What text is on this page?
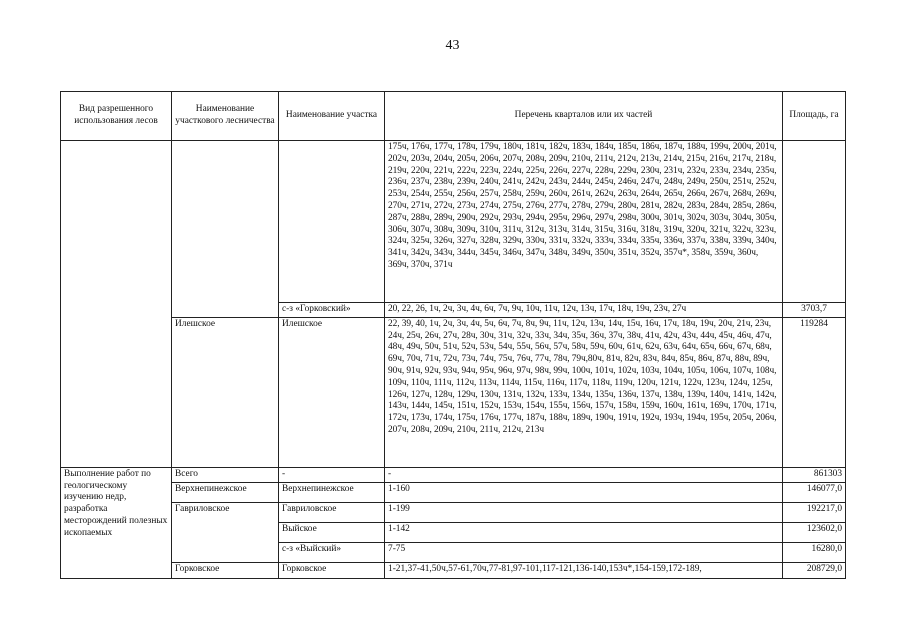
43
Вид разрешенного использования лесов	Наименование участкового лесничества	Наименование участка	Перечень кварталов или их частей	Площадь, га
			175ч, 176ч, 177ч, 178ч, 179ч, 180ч, 181ч, 182ч, 183ч, 184ч, 185ч, 186ч, 187ч, 188ч, 199ч, 200ч, 201ч, 202ч, 203ч, 204ч, 205ч, 206ч, 207ч, 208ч, 209ч, 210ч, 211ч, 212ч, 213ч, 214ч, 215ч, 216ч, 217ч, 218ч, 219ч, 220ч, 221ч, 222ч, 223ч, 224ч, 225ч, 226ч, 227ч, 228ч, 229ч, 230ч, 231ч, 232ч, 233ч, 234ч, 235ч, 236ч, 237ч, 238ч, 239ч, 240ч, 241ч, 242ч, 243ч, 244ч, 245ч, 246ч, 247ч, 248ч, 249ч, 250ч, 251ч, 252ч, 253ч, 254ч, 255ч, 256ч, 257ч, 258ч, 259ч, 260ч, 261ч, 262ч, 263ч, 264ч, 265ч, 266ч, 267ч, 268ч, 269ч, 270ч, 271ч, 272ч, 273ч, 274ч, 275ч, 276ч, 277ч, 278ч, 279ч, 280ч, 281ч, 282ч, 283ч, 284ч, 285ч, 286ч, 287ч, 288ч, 289ч, 290ч, 292ч, 293ч, 294ч, 295ч, 296ч, 297ч, 298ч, 300ч, 301ч, 302ч, 303ч, 304ч, 305ч, 306ч, 307ч, 308ч, 309ч, 310ч, 311ч, 312ч, 313ч, 314ч, 315ч, 316ч, 318ч, 319ч, 320ч, 321ч, 322ч, 323ч, 324ч, 325ч, 326ч, 327ч, 328ч, 329ч, 330ч, 331ч, 332ч, 333ч, 334ч, 335ч, 336ч, 337ч, 338ч, 339ч, 340ч, 341ч, 342ч, 343ч, 344ч, 345ч, 346ч, 347ч, 348ч, 349ч, 350ч, 351ч, 352ч, 357ч*, 358ч, 359ч, 360ч, 369ч, 370ч, 371ч	
		с-з «Горковский»	20, 22, 26, 1ч, 2ч, 3ч, 4ч, 6ч, 7ч, 9ч, 10ч, 11ч, 12ч, 13ч, 17ч, 18ч, 19ч, 23ч, 27ч	3703,7
	Илешское	Илешское	22, 39, 40, 1ч, 2ч, 3ч, 4ч, 5ч, 6ч, 7ч, 8ч, 9ч, 11ч, 12ч, 13ч, 14ч, 15ч, 16ч, 17ч, 18ч, 19ч, 20ч, 21ч, 23ч, 24ч, 25ч, 26ч, 27ч, 28ч, 30ч, 31ч, 32ч, 33ч, 34ч, 35ч, 36ч, 37ч, 38ч, 41ч, 42ч, 43ч, 44ч, 45ч, 46ч, 47ч, 48ч, 49ч, 50ч, 51ч, 52ч, 53ч, 54ч, 55ч, 56ч, 57ч, 58ч, 59ч, 60ч, 61ч, 62ч, 63ч, 64ч, 65ч, 66ч, 67ч, 68ч, 69ч, 70ч, 71ч, 72ч, 73ч, 74ч, 75ч, 76ч, 77ч, 78ч, 79ч,80ч, 81ч, 82ч, 83ч, 84ч, 85ч, 86ч, 87ч, 88ч, 89ч, 90ч, 91ч, 92ч, 93ч, 94ч, 95ч, 96ч, 97ч, 98ч, 99ч, 100ч, 101ч, 102ч, 103ч, 104ч, 105ч, 106ч, 107ч, 108ч, 109ч, 110ч, 111ч, 112ч, 113ч, 114ч, 115ч, 116ч, 117ч, 118ч, 119ч, 120ч, 121ч, 122ч, 123ч, 124ч, 125ч, 126ч, 127ч, 128ч, 129ч, 130ч, 131ч, 132ч, 133ч, 134ч, 135ч, 136ч, 137ч, 138ч, 139ч, 140ч, 141ч, 142ч, 143ч, 144ч, 145ч, 151ч, 152ч, 153ч, 154ч, 155ч, 156ч, 157ч, 158ч, 159ч, 160ч, 161ч, 169ч, 170ч, 171ч, 172ч, 173ч, 174ч, 175ч, 176ч, 177ч, 187ч, 188ч, 189ч, 190ч, 191ч, 192ч, 193ч, 194ч, 195ч, 205ч, 206ч, 207ч, 208ч, 209ч, 210ч, 211ч, 212ч, 213ч	119284
Выполнение работ по геологическому изучению недр, разработка месторождений полезных ископаемых	Всего	-	-	861303
	Верхнепинежское	Верхнепинежское	1-160	146077,0
	Гавриловское	Гавриловское	1-199	192217,0
		Выйское	1-142	123602,0
		с-з «Выйский»	7-75	16280,0
	Горковское	Горковское	1-21,37-41,50ч,57-61,70ч,77-81,97-101,117-121,136-140,153ч*,154-159,172-189,	208729,0
